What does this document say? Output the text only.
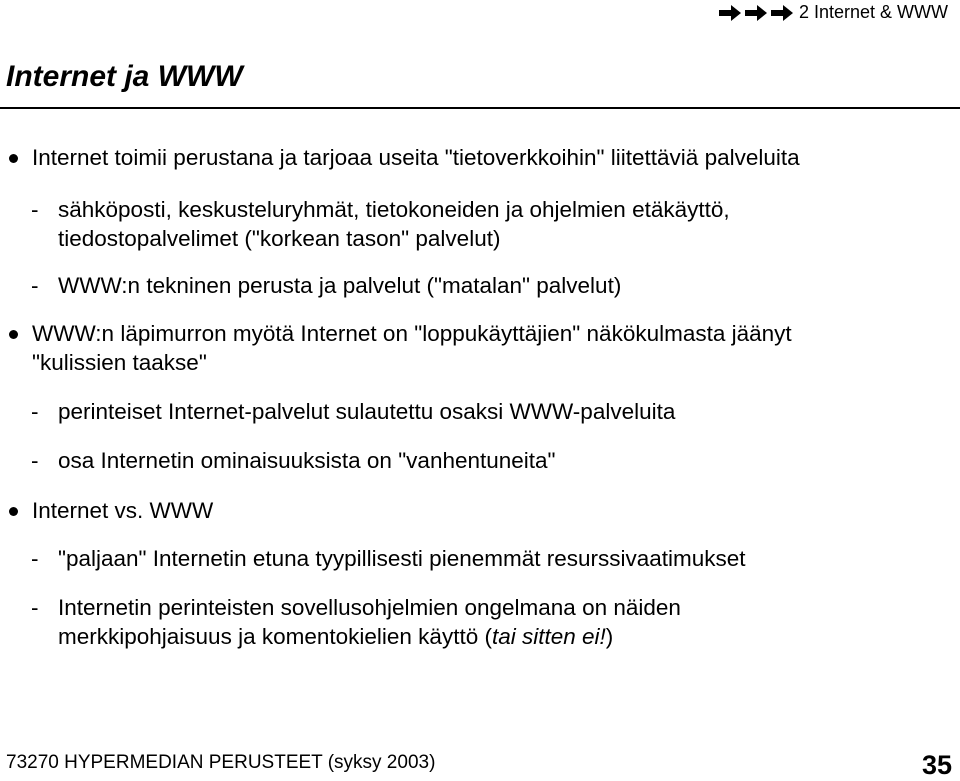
2 Internet & WWW
Internet ja WWW
Internet toimii perustana ja tarjoaa useita "tietoverkkoihin" liitettäviä palveluita
- sähköposti, keskusteluryhmät, tietokoneiden ja ohjelmien etäkäyttö,
tiedostopalvelimet ("korkean tason" palvelut)
- WWW:n tekninen perusta ja palvelut ("matalan" palvelut)
WWW:n läpimurron myötä Internet on "loppukäyttäjien" näkökulmasta jäänyt
"kulissien taakse"
- perinteiset Internet-palvelut sulautettu osaksi WWW-palveluita
- osa Internetin ominaisuuksista on "vanhentuneita"
Internet vs. WWW
- "paljaan" Internetin etuna tyypillisesti pienemmät resurssivaatimukset
- Internetin perinteisten sovellusohjelmien ongelmana on näiden
merkkipohjaisuus ja komentokielien käyttö (tai sitten ei!)
73270 HYPERMEDIAN PERUSTEET (syksy 2003)	35
